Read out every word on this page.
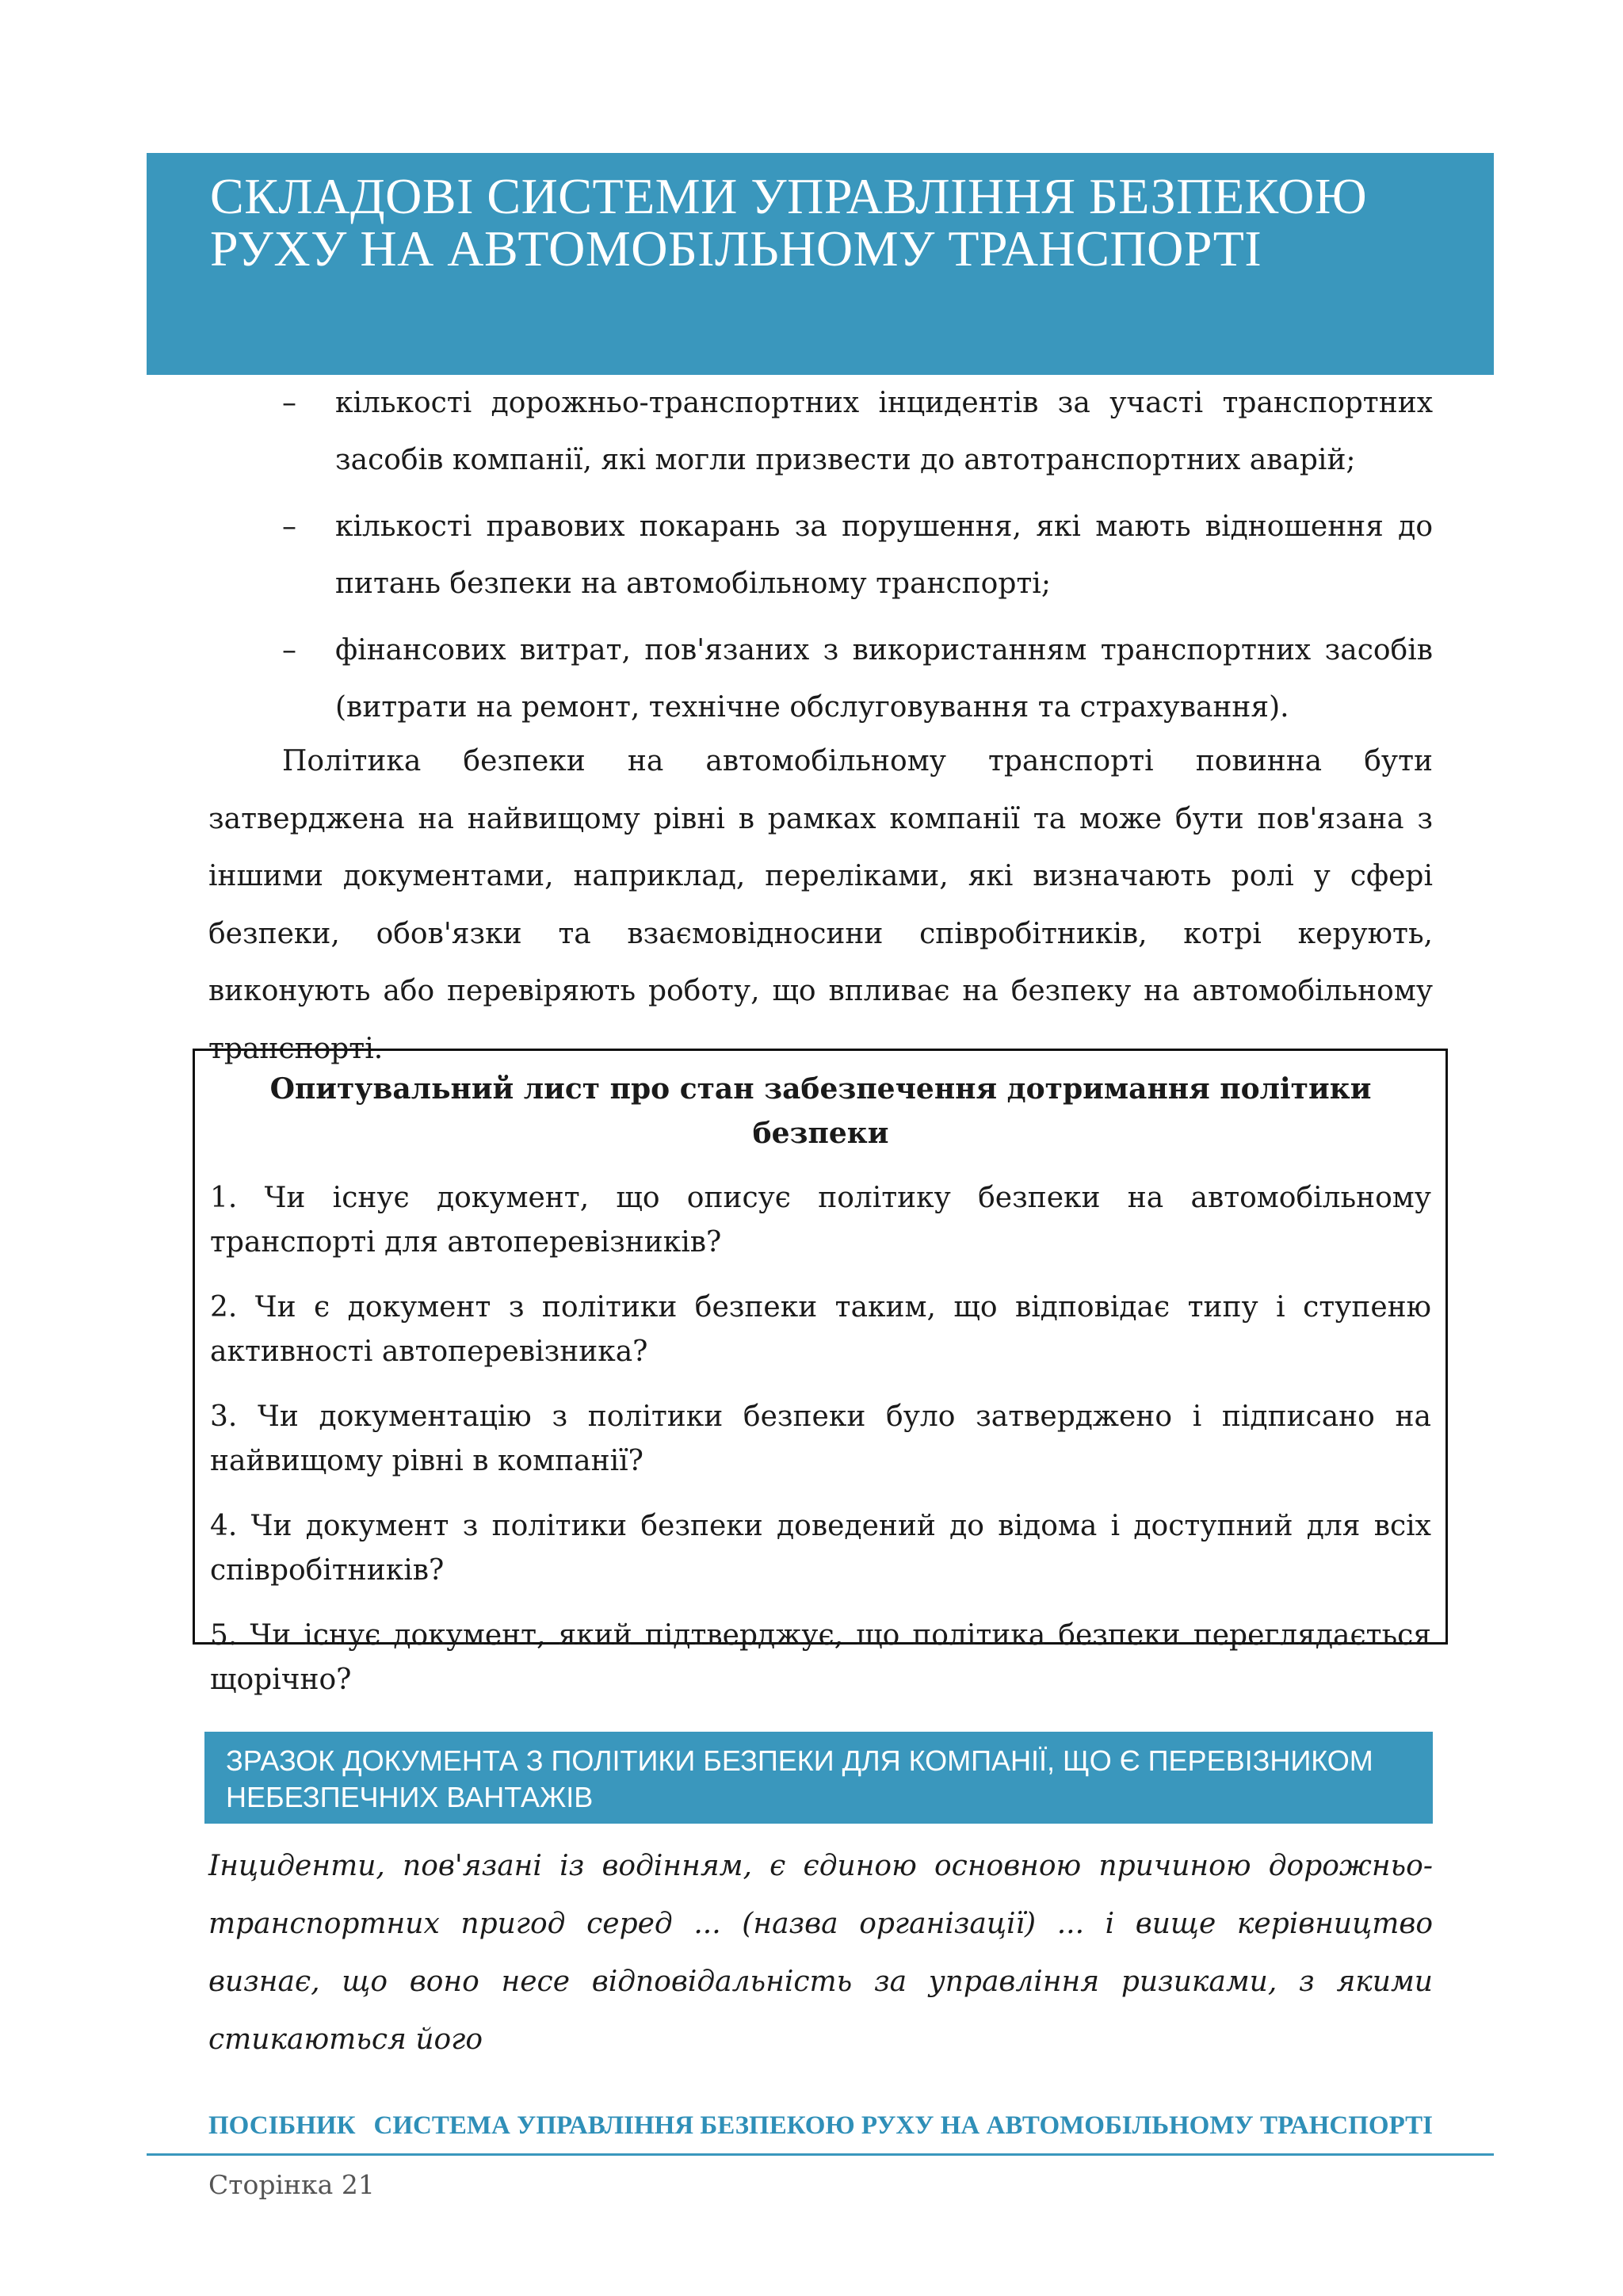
СКЛАДОВІ СИСТЕМИ УПРАВЛІННЯ БЕЗПЕКОЮ РУХУ НА АВТОМОБІЛЬНОМУ ТРАНСПОРТІ
– кількості дорожньо-транспортних інцидентів за участі транспортних засобів компанії, які могли призвести до автотранспортних аварій;
– кількості правових покарань за порушення, які мають відношення до питань безпеки на автомобільному транспорті;
– фінансових витрат, пов'язаних з використанням транспортних засобів (витрати на ремонт, технічне обслуговування та страхування).

Політика безпеки на автомобільному транспорті повинна бути затверджена на найвищому рівні в рамках компанії та може бути пов'язана з іншими документами, наприклад, переліками, які визначають ролі у сфері безпеки, обов'язки та взаємовідносини співробітників, котрі керують, виконують або перевіряють роботу, що впливає на безпеку на автомобільному транспорті.

Опитувальний лист про стан забезпечення дотримання політики безпеки

1. Чи існує документ, що описує політику безпеки на автомобільному транспорті для автоперевізників?
2. Чи є документ з політики безпеки таким, що відповідає типу і ступеню активності автоперевізника?
3. Чи документацію з політики безпеки було затверджено і підписано на найвищому рівні в компанії?
4. Чи документ з політики безпеки доведений до відома і доступний для всіх співробітників?
5. Чи існує документ, який підтверджує, що політика безпеки переглядається щорічно?
ЗРАЗОК ДОКУМЕНТА З ПОЛІТИКИ БЕЗПЕКИ ДЛЯ КОМПАНІЇ, ЩО Є ПЕРЕВІЗНИКОМ НЕБЕЗПЕЧНИХ ВАНТАЖІВ

Інциденти, пов'язані із водінням, є єдиною основною причиною дорожньо-транспортних пригод серед ... (назва організації) ... і вище керівництво визнає, що воно несе відповідальність за управління ризиками, з якими стикаються його

ПОСІБНИК СИСТЕМА УПРАВЛІННЯ БЕЗПЕКОЮ РУХУ НА АВТОМОБІЛЬНОМУ ТРАНСПОРТІ
Сторінка 21
